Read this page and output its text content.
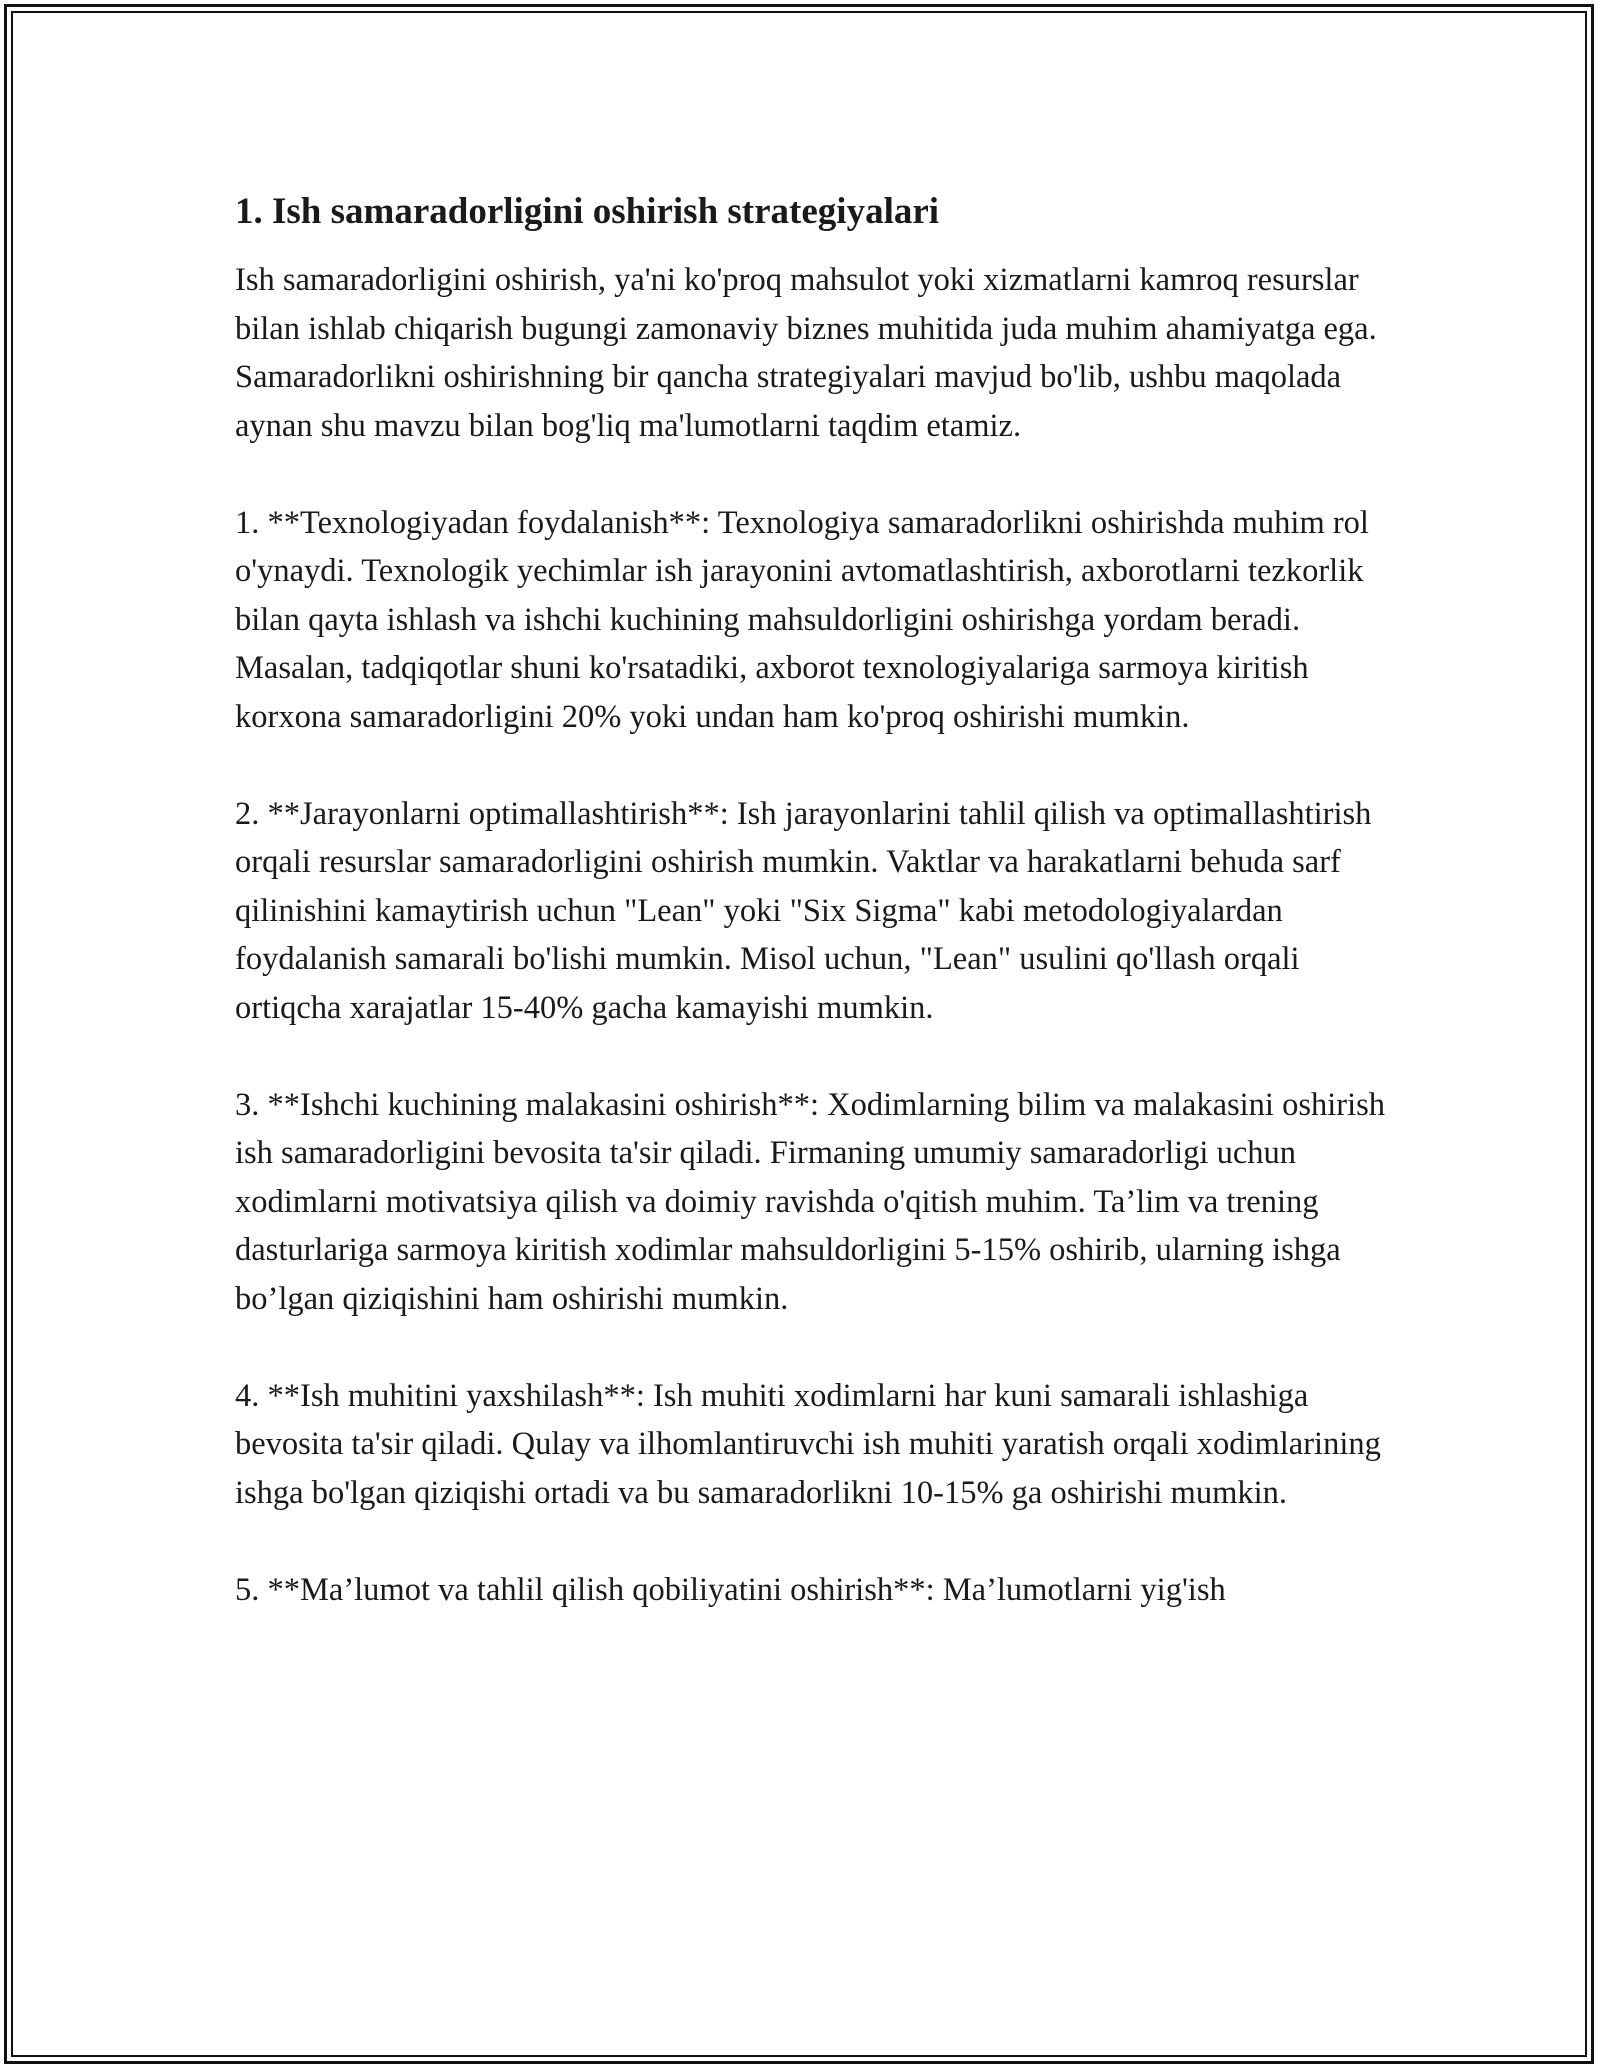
1. Ish samaradorligini oshirish strategiyalari

Ish samaradorligini oshirish, ya'ni ko'proq mahsulot yoki xizmatlarni kamroq resurslar bilan ishlab chiqarish bugungi zamonaviy biznes muhitida juda muhim ahamiyatga ega. Samaradorlikni oshirishning bir qancha strategiyalari mavjud bo'lib, ushbu maqolada aynan shu mavzu bilan bog'liq ma'lumotlarni taqdim etamiz.

1. **Texnologiyadan foydalanish**: Texnologiya samaradorlikni oshirishda muhim rol o'ynaydi. Texnologik yechimlar ish jarayonini avtomatlashtirish, axborotlarni tezkorlik bilan qayta ishlash va ishchi kuchining mahsuldorligini oshirishga yordam beradi. Masalan, tadqiqotlar shuni ko'rsatadiki, axborot texnologiyalariga sarmoya kiritish korxona samaradorligini 20% yoki undan ham ko'proq oshirishi mumkin.

2. **Jarayonlarni optimallashtirish**: Ish jarayonlarini tahlil qilish va optimallashtirish orqali resurslar samaradorligini oshirish mumkin. Vaktlar va harakatlarni behuda sarf qilinishini kamaytirish uchun "Lean" yoki "Six Sigma" kabi metodologiyalardan foydalanish samarali bo'lishi mumkin. Misol uchun, "Lean" usulini qo'llash orqali ortiqcha xarajatlar 15-40% gacha kamayishi mumkin.

3. **Ishchi kuchining malakasini oshirish**: Xodimlarning bilim va malakasini oshirish ish samaradorligini bevosita ta'sir qiladi. Firmaning umumiy samaradorligi uchun xodimlarni motivatsiya qilish va doimiy ravishda o'qitish muhim. Ta’lim va trening dasturlariga sarmoya kiritish xodimlar mahsuldorligini 5-15% oshirib, ularning ishga bo’lgan qiziqishini ham oshirishi mumkin.

4. **Ish muhitini yaxshilash**: Ish muhiti xodimlarni har kuni samarali ishlashiga bevosita ta'sir qiladi. Qulay va ilhomlantiruvchi ish muhiti yaratish orqali xodimlarining ishga bo'lgan qiziqishi ortadi va bu samaradorlikni 10-15% ga oshirishi mumkin.

5. **Ma’lumot va tahlil qilish qobiliyatini oshirish**: Ma’lumotlarni yig'ish
